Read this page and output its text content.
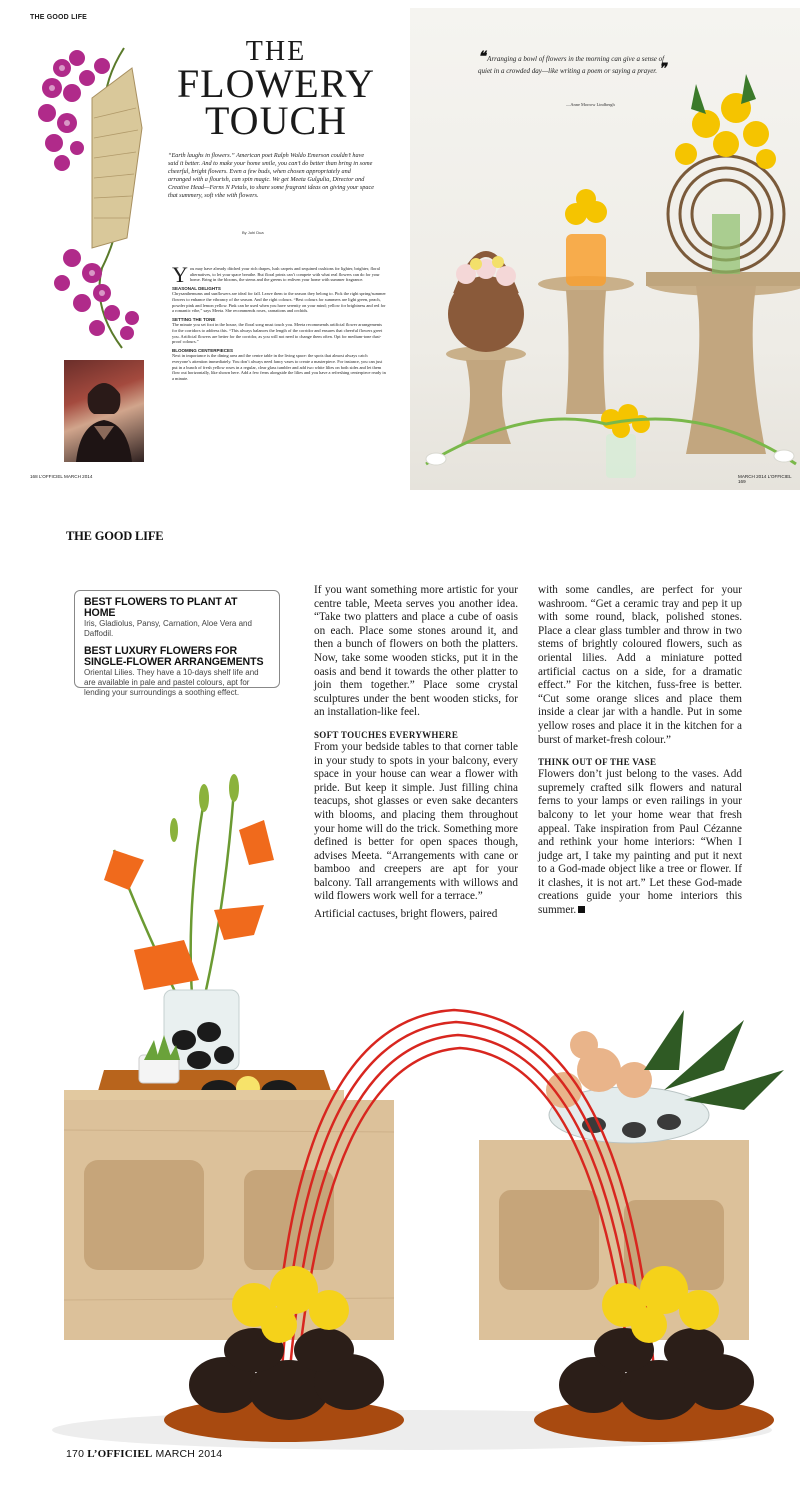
THE GOOD LIFE
THE
FLOWERY
TOUCH

“Earth laughs in flowers.” American poet Ralph Waldo Emerson couldn’t have said it better. And to make your home smile, you can’t do better than bring in some cheerful, bright flowers. Even a few buds, when chosen appropriately and arranged with a flourish, can spin magic. We get Meeta Gulgulia, Director and Creative Head—Ferns N Petals, to share some fragrant ideas on giving your space that summery, soft vibe with flowers.

By Juhi Dua

You may have already ditched your rich drapes, lush carpets and sequined cushions for lighter, brighter, floral alternatives, to let your space breathe. But floral prints can’t compete with what real flowers can do for your home. Bring in the blooms, the stems and the greens to enliven your home with summer fragrance.

SEASONAL DELIGHTS

Chrysanthemums and sunflowers are ideal for fall. Leave them to the season they belong to. Pick the right spring/summer flowers to enhance the vibrancy of the season. And the right colours. “Best colours for summers are light green, peach, powder pink and lemon yellow. Pink can be used when you have serenity on your mind; yellow for brightness and red for a romantic vibe,” says Meeta. She recommends roses, carnations and orchids.

SETTING THE TONE

The minute you set foot in the house, the floral song must touch you. Meeta recommends artificial flower arrangements for the corridors to address this. “This always balances the length of the corridor and ensures that cheerful flowers greet you. Artificial flowers are better for the corridor, as you will not need to change them often. Opt for medium-tone dust-proof colours.”

BLOOMING CENTERPIECES

Next in importance is the dining area and the centre table in the living space: the spots that almost always catch everyone’s attention immediately. You don’t always need fancy vases to create a masterpiece. For instance, you can just put in a bunch of fresh yellow roses in a regular, clear glass tumbler and add two white lilies on both sides and let them flow out horizontally, like shown here. Add a few ferns alongside the lilies and you have a refreshing centerpiece ready in a minute.

168 L’OFFICIEL MARCH 2014
❝ Arranging a bowl of flowers in the morning can give a sense of quiet in a crowded day—like writing a poem or saying a prayer. ❞
—Anne Morrow Lindbergh
MARCH 2014 L’OFFICIEL 169
THE GOOD LIFE
BEST FLOWERS TO PLANT AT HOME

Iris, Gladiolus, Pansy, Carnation, Aloe Vera and Daffodil.

BEST LUXURY FLOWERS FOR SINGLE-FLOWER ARRANGEMENTS

Oriental Lilies. They have a 10-days shelf life and are available in pale and pastel colours, apt for lending your surroundings a soothing effect.

If you want something more artistic for your centre table, Meeta serves you another idea. “Take two platters and place a cube of oasis on each. Place some stones around it, and then a bunch of flowers on both the platters. Now, take some wooden sticks, put it in the oasis and bend it towards the other platter to join them together.” Place some crystal sculptures under the bent wooden sticks, for an installation-like feel.

SOFT TOUCHES EVERYWHERE

From your bedside tables to that corner table in your study to spots in your balcony, every space in your house can wear a flower with pride. But keep it simple. Just filling china teacups, shot glasses or even sake decanters with blooms, and placing them throughout your home will do the trick. Something more defined is better for open spaces though, advises Meeta. “Arrangements with cane or bamboo and creepers are apt for your balcony. Tall arrangements with willows and wild flowers work well for a terrace.”

Artificial cactuses, bright flowers, paired

with some candles, are perfect for your washroom. “Get a ceramic tray and pep it up with some round, black, polished stones. Place a clear glass tumbler and throw in two stems of brightly coloured flowers, such as oriental lilies. Add a miniature potted artificial cactus on a side, for a dramatic effect.” For the kitchen, fuss-free is better. “Cut some orange slices and place them inside a clear jar with a handle. Put in some yellow roses and place it in the kitchen for a burst of market-fresh colour.”

THINK OUT OF THE VASE

Flowers don’t just belong to the vases. Add supremely crafted silk flowers and natural ferns to your lamps or even railings in your balcony to let your home wear that fresh appeal. Take inspiration from Paul Cézanne and rethink your home interiors: “When I judge art, I take my painting and put it next to a God-made object like a tree or flower. If it clashes, it is not art.” Let these God-made creations guide your home interiors this summer.

170 L’OFFICIEL MARCH 2014
